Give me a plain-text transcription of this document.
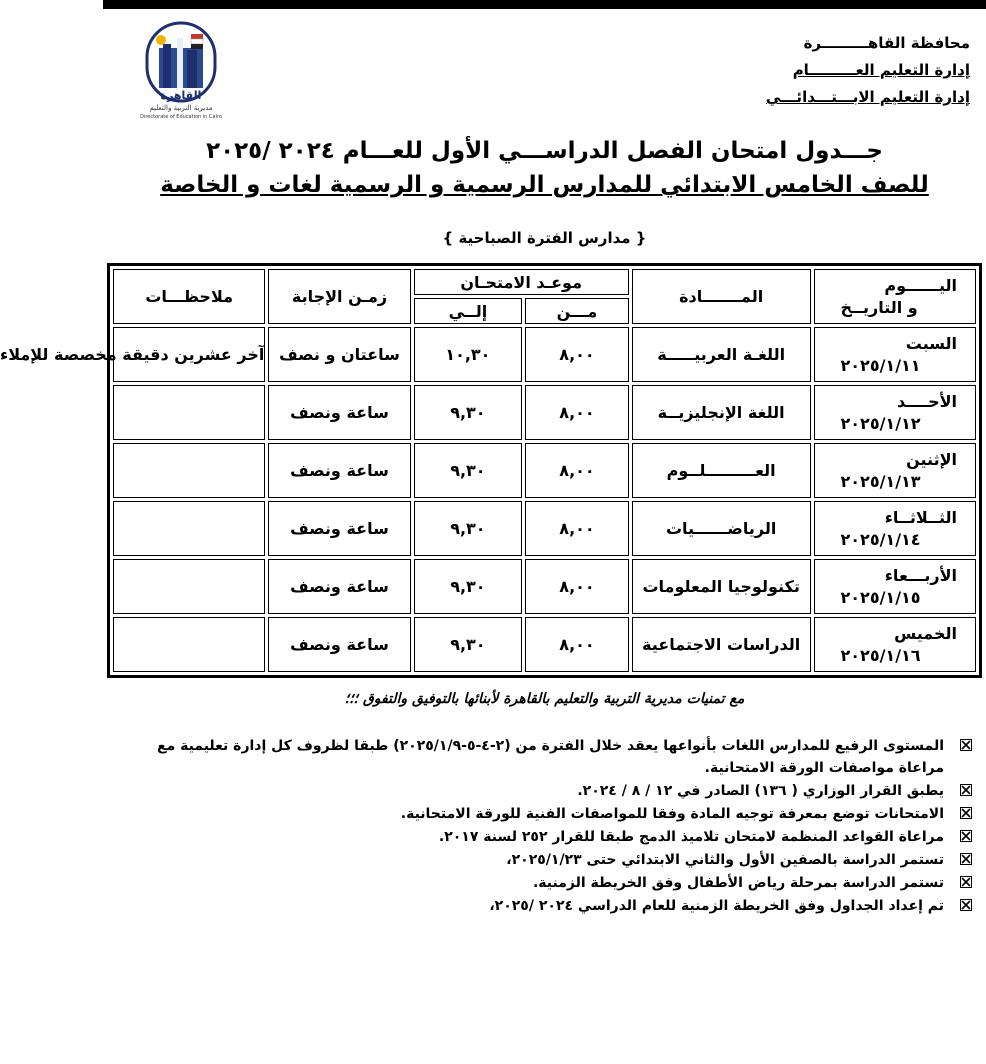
محافظة القاهـــــــــرة
إدارة التعليم العـــــــــام
إدارة التعليم الابـــتـــدائـــي
القاهرة
مديرية التربية والتعليم
Directorate of Education in Cairo
جـــدول امتحان الفصل الدراســـي الأول للعـــام ٢٠٢٤ /٢٠٢٥
للصف الخامس الابتدائي للمدارس الرسمية و الرسمية لغات و الخاصة
{ مدارس الفترة الصباحية }
اليــــــوم
و التاريــخ	المـــــــادة	موعـد الامتحـان		زمـن الإجابة	ملاحظـــات
		مـــن	إلــي		

السبت
٢٠٢٥/١/١١	اللغـة العربيـــــة	٨,٠٠	١٠,٣٠	ساعتان و نصف	آخر عشرين دقيقة مخصصة للإملاء

الأحــــد
٢٠٢٥/١/١٢	اللغة الإنجليزيــة	٨,٠٠	٩,٣٠	ساعة ونصف	

الإثنين
٢٠٢٥/١/١٣	العـــــــــلــوم	٨,٠٠	٩,٣٠	ساعة ونصف	

الثــلاثــاء
٢٠٢٥/١/١٤	الرياضــــــيات	٨,٠٠	٩,٣٠	ساعة ونصف	

الأربـــعاء
٢٠٢٥/١/١٥	تكنولوجيا المعلومات	٨,٠٠	٩,٣٠	ساعة ونصف	

الخميس
٢٠٢٥/١/١٦	الدراسات الاجتماعية	٨,٠٠	٩,٣٠	ساعة ونصف	
مع تمنيات مديرية التربية والتعليم بالقاهرة لأبنائها بالتوفيق والتفوق ؛؛؛
المستوى الرفيع للمدارس اللغات بأنواعها يعقد خلال الفترة من (٢-٤-٥-٢٠٢٥/١/٩) طبقا لظروف كل إدارة تعليمية مع مراعاة مواصفات الورقة الامتحانية.
يطبق القرار الوزاري ( ١٣٦) الصادر في ١٢ / ٨ / ٢٠٢٤.
الامتحانات توضع بمعرفة توجيه المادة وفقا للمواصفات الفنية للورقة الامتحانية.
مراعاة القواعد المنظمة لامتحان تلاميذ الدمج طبقا للقرار ٢٥٢ لسنة ٢٠١٧.
تستمر الدراسة بالصفين الأول والثاني الابتدائي حتى ٢٠٢٥/١/٢٣،
تستمر الدراسة بمرحلة رياض الأطفال وفق الخريطة الزمنية.
تم إعداد الجداول وفق الخريطة الزمنية للعام الدراسي ٢٠٢٤ /٢٠٢٥،
